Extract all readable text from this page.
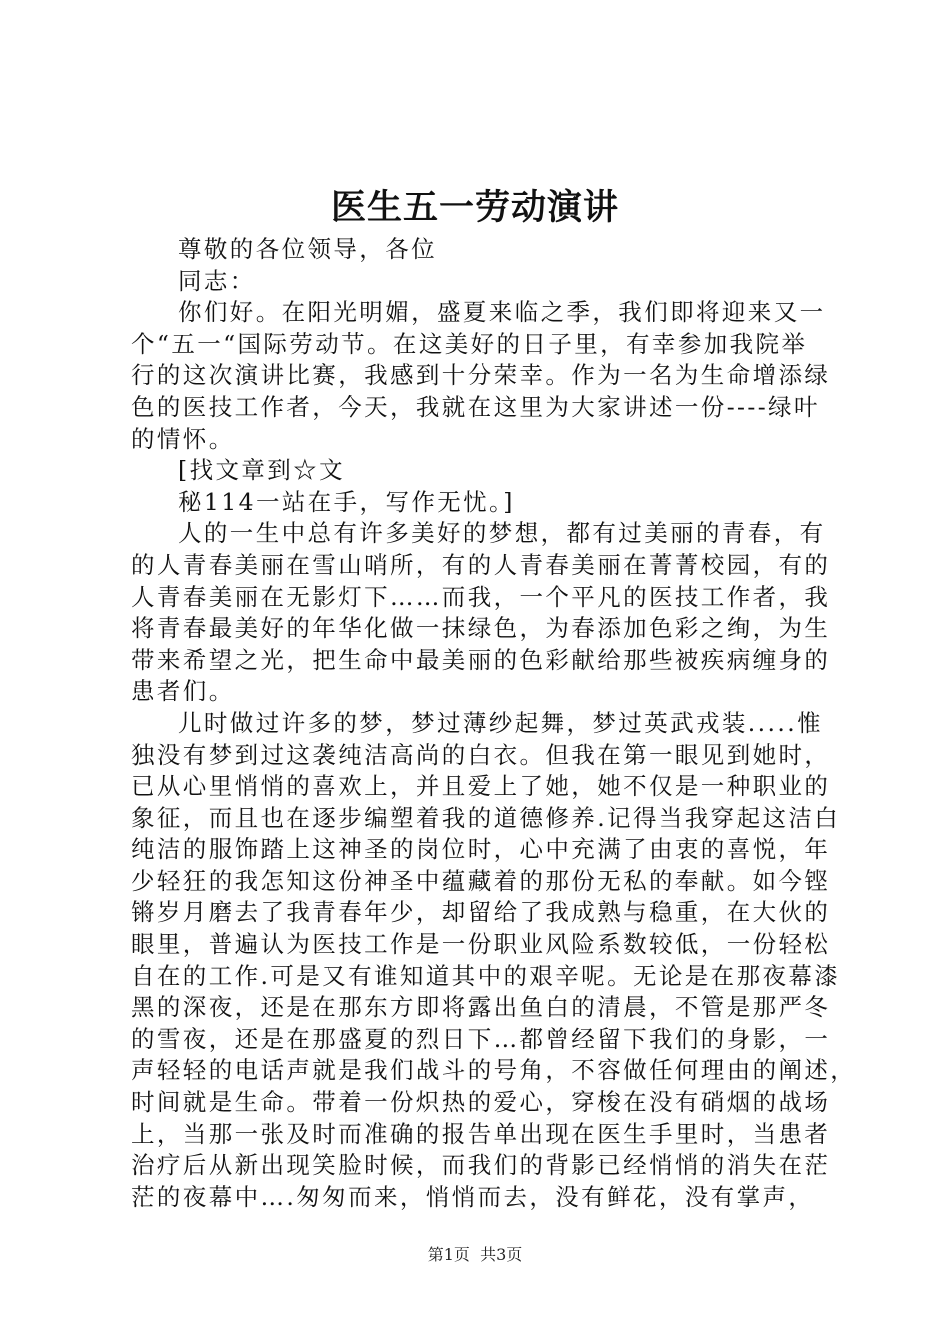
医生五一劳动演讲
尊敬的各位领导，各位
同志：
你们好。在阳光明媚，盛夏来临之季，我们即将迎来又一
个“五一“国际劳动节。在这美好的日子里，有幸参加我院举
行的这次演讲比赛，我感到十分荣幸。作为一名为生命增添绿
色的医技工作者，今天，我就在这里为大家讲述一份----绿叶
的情怀。
[找文章到☆文
秘114一站在手，写作无忧。]
人的一生中总有许多美好的梦想，都有过美丽的青春，有
的人青春美丽在雪山哨所，有的人青春美丽在菁菁校园，有的
人青春美丽在无影灯下……而我，一个平凡的医技工作者，我
将青春最美好的年华化做一抹绿色，为春添加色彩之绚，为生
带来希望之光，把生命中最美丽的色彩献给那些被疾病缠身的
患者们。
儿时做过许多的梦，梦过薄纱起舞，梦过英武戎装.....惟
独没有梦到过这袭纯洁高尚的白衣。但我在第一眼见到她时，
已从心里悄悄的喜欢上，并且爱上了她，她不仅是一种职业的
象征，而且也在逐步编塑着我的道德修养.记得当我穿起这洁白
纯洁的服饰踏上这神圣的岗位时，心中充满了由衷的喜悦，年
少轻狂的我怎知这份神圣中蕴藏着的那份无私的奉献。如今铿
锵岁月磨去了我青春年少，却留给了我成熟与稳重，在大伙的
眼里，普遍认为医技工作是一份职业风险系数较低，一份轻松
自在的工作.可是又有谁知道其中的艰辛呢。无论是在那夜幕漆
黑的深夜，还是在那东方即将露出鱼白的清晨，不管是那严冬
的雪夜，还是在那盛夏的烈日下…都曾经留下我们的身影，一
声轻轻的电话声就是我们战斗的号角，不容做任何理由的阐述，
时间就是生命。带着一份炽热的爱心，穿梭在没有硝烟的战场
上，当那一张及时而准确的报告单出现在医生手里时，当患者
治疗后从新出现笑脸时候，而我们的背影已经悄悄的消失在茫
茫的夜幕中….匆匆而来，悄悄而去，没有鲜花，没有掌声，
第1页  共3页
